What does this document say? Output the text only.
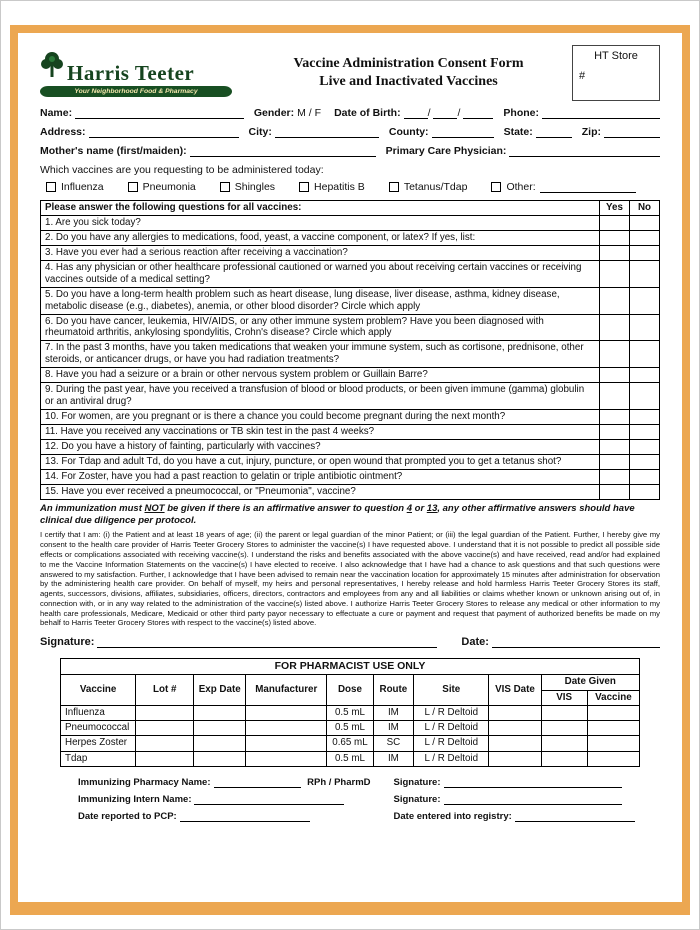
Harris Teeter
Your Neighborhood Food & Pharmacy
Vaccine Administration Consent Form
Live and Inactivated Vaccines
HT Store
#
Name:	Gender: M / F Date of Birth:	/	/	Phone:
Address:	City:	County:	State:	Zip:
Mother's name (first/maiden):	Primary Care Physician:
Which vaccines are you requesting to be administered today:
Influenza	Pneumonia	Shingles	Hepatitis B	Tetanus/Tdap	Other:
Please answer the following questions for all vaccines:	Yes	No
1. Are you sick today?		
2. Do you have any allergies to medications, food, yeast, a vaccine component, or latex? If yes, list:		
3. Have you ever had a serious reaction after receiving a vaccination?		
4. Has any physician or other healthcare professional cautioned or warned you about receiving certain vaccines or receiving vaccines outside of a medical setting?		
5. Do you have a long-term health problem such as heart disease, lung disease, liver disease, asthma, kidney disease, metabolic disease (e.g., diabetes), anemia, or other blood disorder? Circle which apply		
6. Do you have cancer, leukemia, HIV/AIDS, or any other immune system problem? Have you been diagnosed with rheumatoid arthritis, ankylosing spondylitis, Crohn's disease? Circle which apply		
7. In the past 3 months, have you taken medications that weaken your immune system, such as cortisone, prednisone, other steroids, or anticancer drugs, or have you had radiation treatments?		
8. Have you had a seizure or a brain or other nervous system problem or Guillain Barre?		
9. During the past year, have you received a transfusion of blood or blood products, or been given immune (gamma) globulin or an antiviral drug?		
10. For women, are you pregnant or is there a chance you could become pregnant during the next month?		
11. Have you received any vaccinations or TB skin test in the past 4 weeks?		
12. Do you have a history of fainting, particularly with vaccines?		
13. For Tdap and adult Td, do you have a cut, injury, puncture, or open wound that prompted you to get a tetanus shot?		
14. For Zoster, have you had a past reaction to gelatin or triple antibiotic ointment?		
15. Have you ever received a pneumococcal, or "Pneumonia", vaccine?		
An immunization must NOT be given if there is an affirmative answer to question 4 or 13, any other affirmative answers should have clinical due diligence per protocol.
I certify that I am: (i) the Patient and at least 18 years of age; (ii) the parent or legal guardian of the minor Patient; or (iii) the legal guardian of the Patient. Further, I hereby give my consent to the health care provider of Harris Teeter Grocery Stores to administer the vaccine(s) I have requested above. I understand that it is not possible to predict all possible side effects or complications associated with receiving vaccine(s). I understand the risks and benefits associated with the above vaccine(s) and have received, read and/or had explained to me the Vaccine Information Statements on the vaccine(s) I have elected to receive. I also acknowledge that I have had a chance to ask questions and that such questions were answered to my satisfaction. Further, I acknowledge that I have been advised to remain near the vaccination location for approximately 15 minutes after administration for observation by the administering health care provider. On behalf of myself, my heirs and personal representatives, I hereby release and hold harmless Harris Teeter Grocery Stores its staff, agents, successors, divisions, affiliates, subsidiaries, officers, directors, contractors and employees from any and all liabilities or claims whether known or unknown arising out of, in connection with, or in any way related to the administration of the vaccine(s) listed above. I authorize Harris Teeter Grocery Stores to release any medical or other information to my health care professionals, Medicare, Medicaid or other third party payor necessary to effectuate a cure or payment and request that payment of authorized benefits be made on my behalf to Harris Teeter Grocery Stores with respect to the vaccine(s) listed above.
Signature:	Date:
FOR PHARMACIST USE ONLY									
Vaccine	Lot #	Exp Date	Manufacturer	Dose	Route	Site	VIS Date	Date Given	
								VIS	Vaccine
Influenza				0.5 mL	IM	L / R Deltoid			
Pneumococcal				0.5 mL	IM	L / R Deltoid			
Herpes Zoster				0.65 mL	SC	L / R Deltoid			
Tdap				0.5 mL	IM	L / R Deltoid			
Immunizing Pharmacy Name:	RPh / PharmD Signature:
Immunizing Intern Name:	Signature:
Date reported to PCP:	Date entered into registry:
